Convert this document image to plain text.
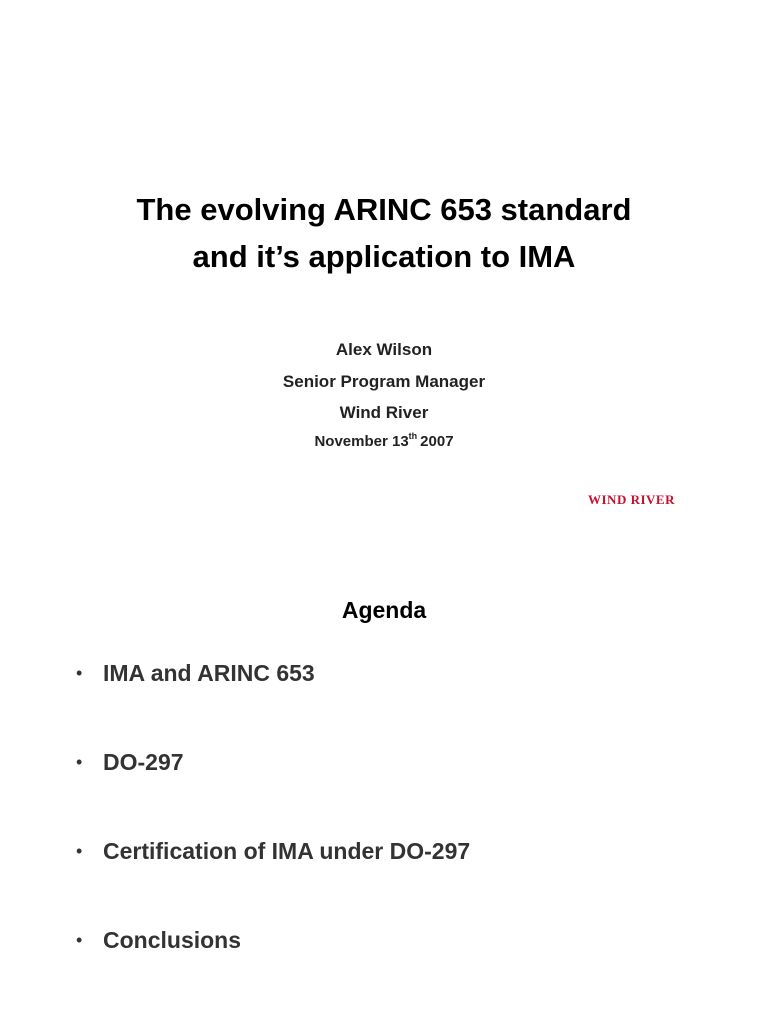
The evolving ARINC 653 standard
and it’s application to IMA
Alex Wilson
Senior Program Manager
Wind River
November 13th 2007
WIND RIVER
Agenda
• IMA and ARINC 653
• DO-297
• Certification of IMA under DO-297
• Conclusions
